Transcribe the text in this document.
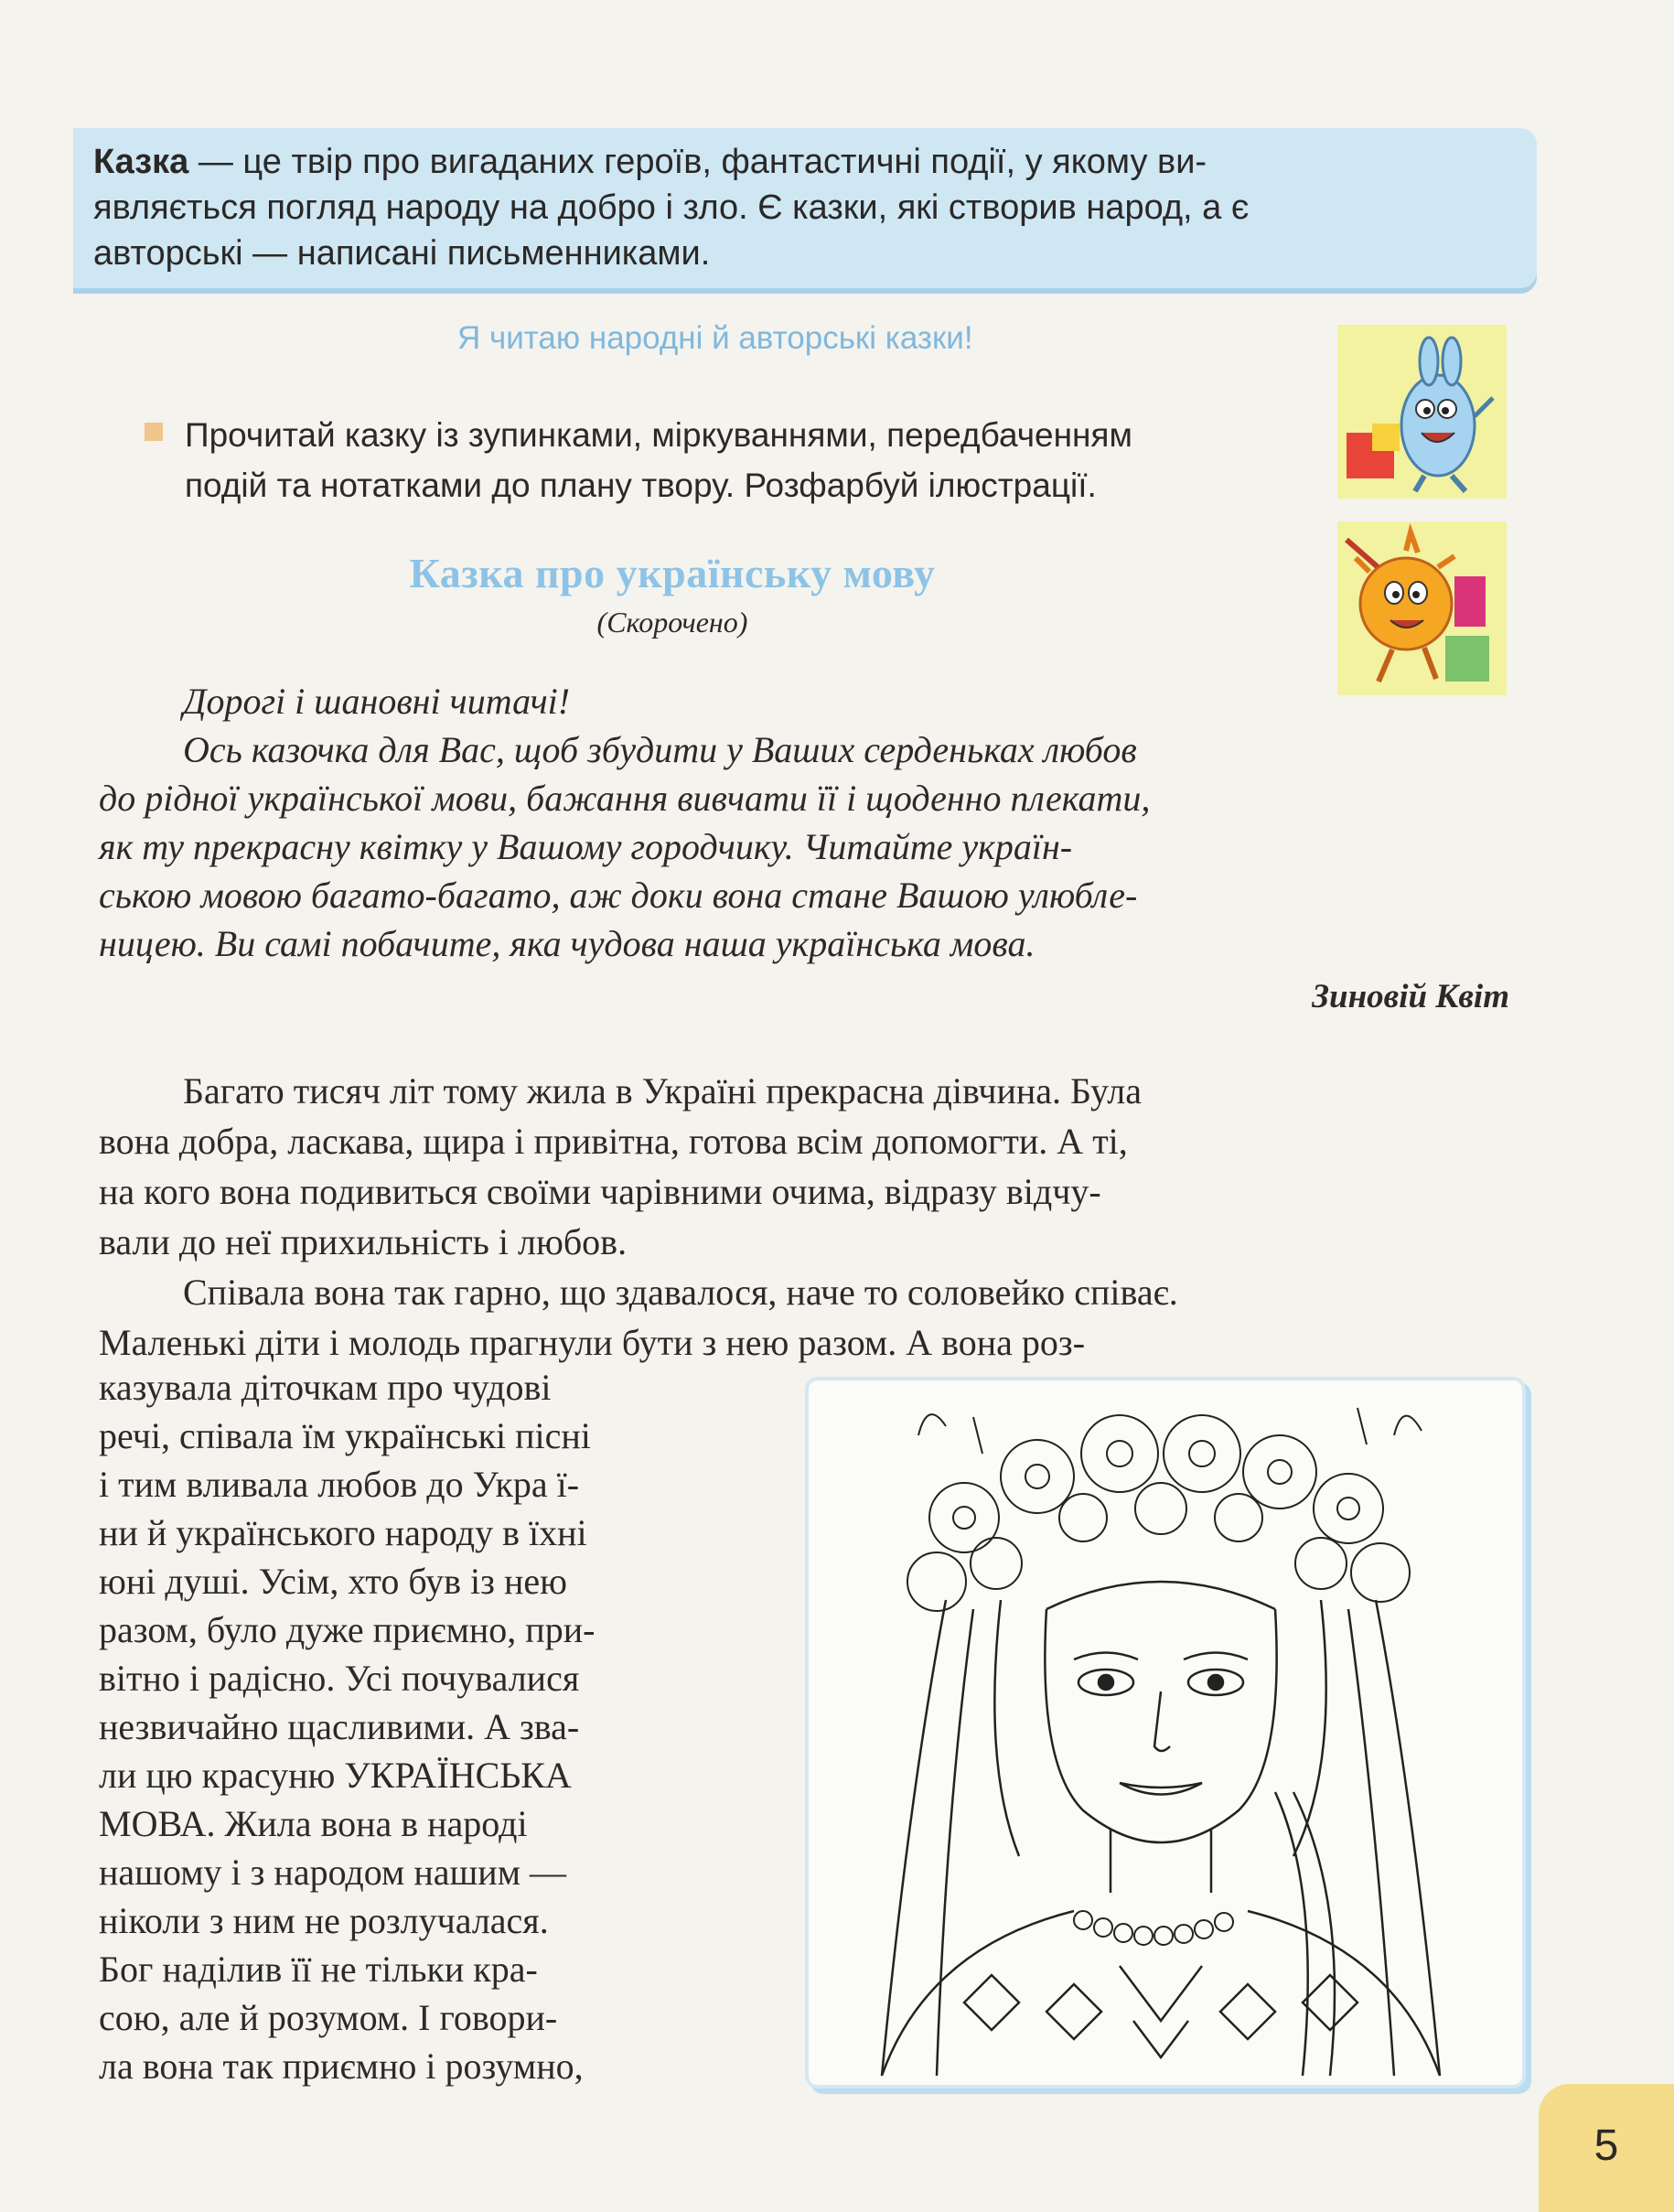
Казка — це твір про вигаданих героїв, фантастичні події, у якому ви-
являється погляд народу на добро і зло. Є казки, які створив народ, а є
авторські — написані письменниками.
Я читаю народні й авторські казки!
Прочитай казку із зупинками, міркуваннями, передбаченням
подій та нотатками до плану твору. Розфарбуй ілюстрації.
Казка про українську мову
(Скорочено)
Дорогі і шановні читачі!
Ось казочка для Вас, щоб збудити у Ваших серденьках любов
до рідної української мови, бажання вивчати її і щоденно плекати,
як ту прекрасну квітку у Вашому городчику. Читайте україн-
ською мовою багато-багато, аж доки вона стане Вашою улюбле-
ницею. Ви самі побачите, яка чудова наша українська мова.
Зиновій Квіт
Багато тисяч літ тому жила в Україні прекрасна дівчина. Була
вона добра, ласкава, щира і привітна, готова всім допомогти. А ті,
на кого вона подивиться своїми чарівними очима, відразу відчу-
вали до неї прихильність і любов.
Співала вона так гарно, що здавалося, наче то соловейко співає.
Маленькі діти і молодь прагнули бути з нею разом. А вона роз-
казувала діточкам про чудові
речі, співала їм українські пісні
і тим вливала любов до Укра ї-
ни й українського народу в їхні
юні душі. Усім, хто був із нею
разом, було дуже приємно, при-
вітно і радісно. Усі почувалися
незвичайно щасливими. А зва-
ли цю красуню УКРАЇНСЬКА
МОВА. Жила вона в народі
нашому і з народом нашим —
ніколи з ним не розлучалася.
Бог наділив її не тільки кра-
сою, але й розумом. І говори-
ла вона так приємно і розумно,
5
